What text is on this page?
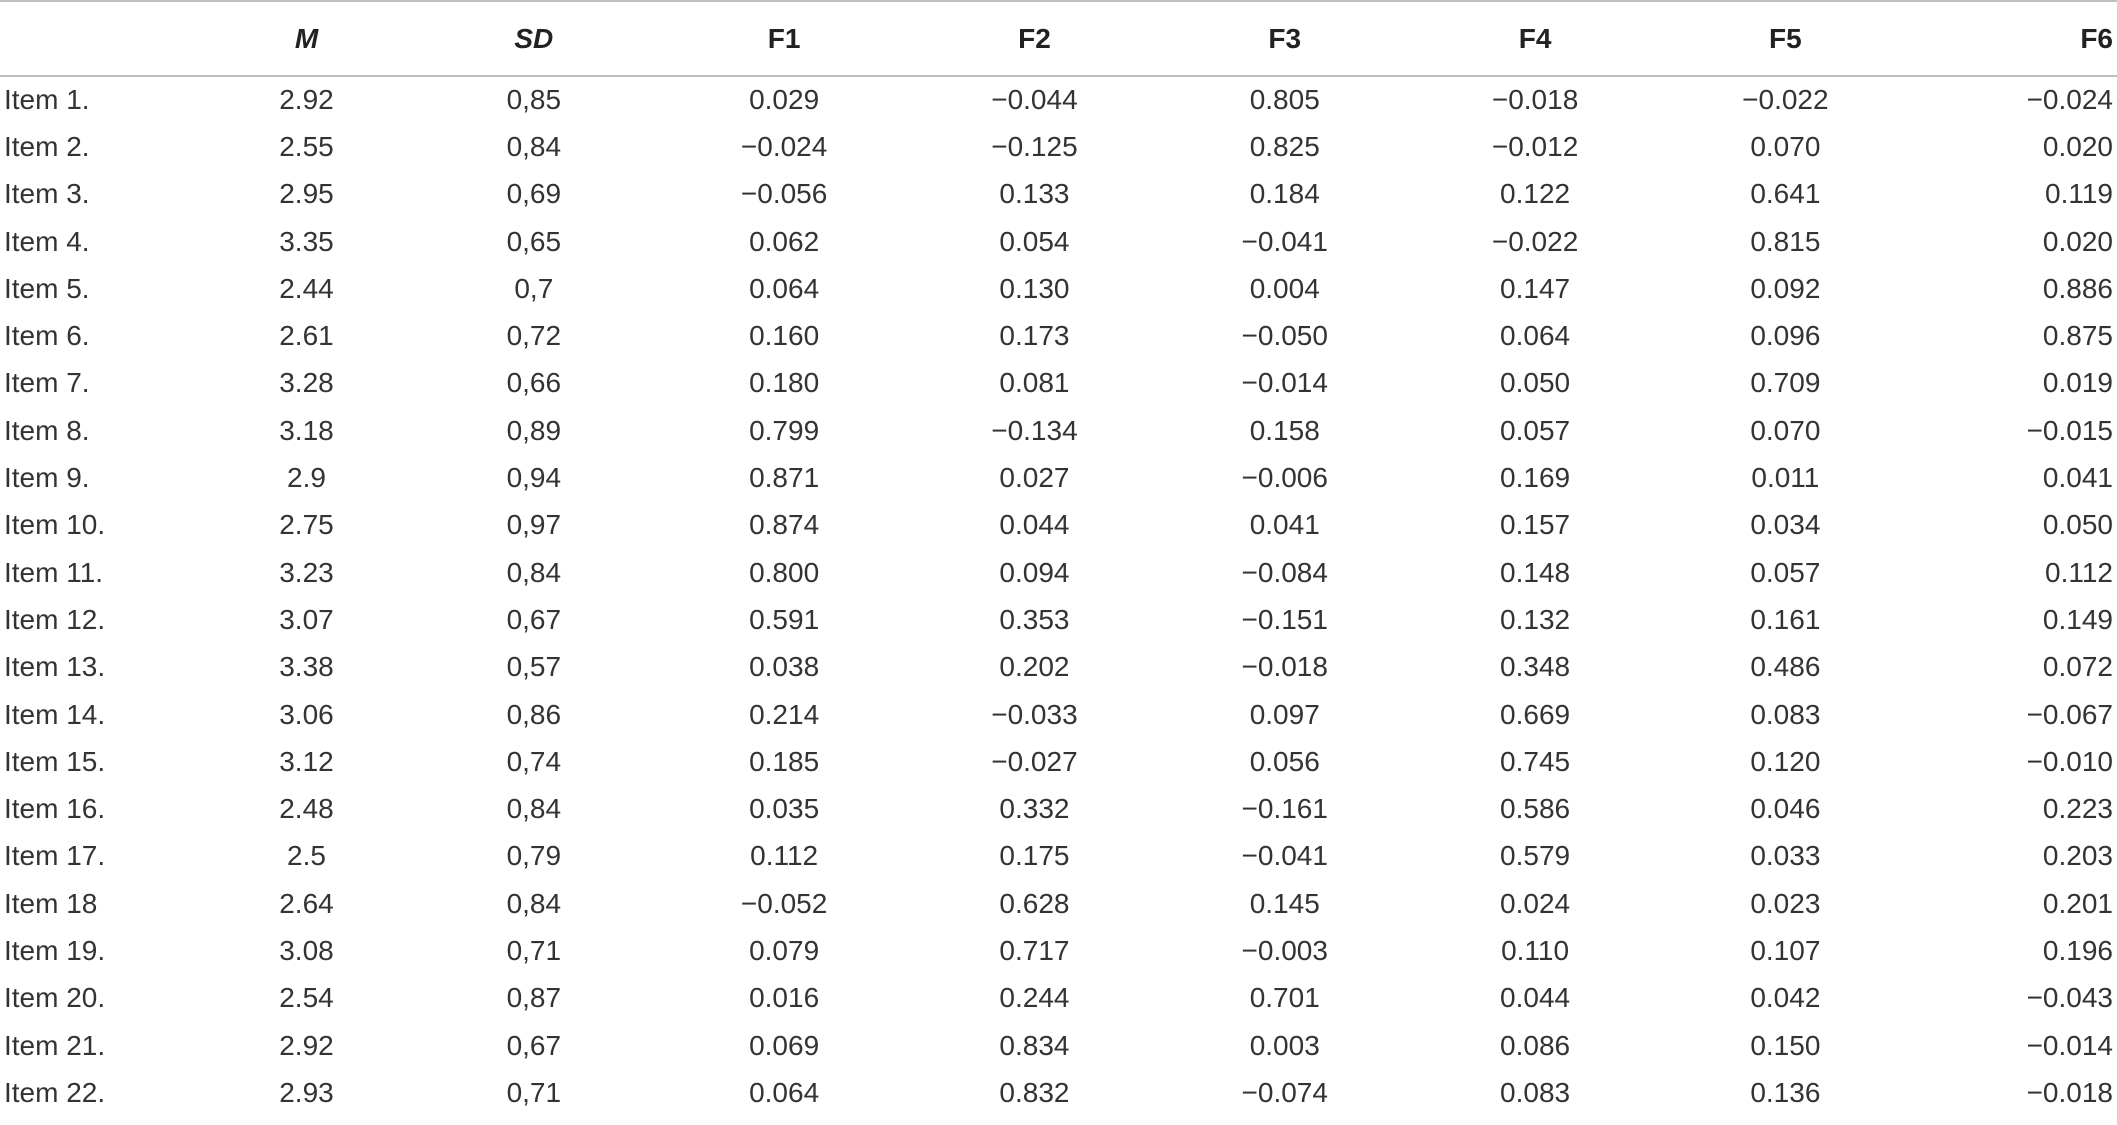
	M	SD	F1	F2	F3	F4	F5	F6
Item 1.	2.92	0,85	0.029	−0.044	0.805	−0.018	−0.022	−0.024
Item 2.	2.55	0,84	−0.024	−0.125	0.825	−0.012	0.070	0.020
Item 3.	2.95	0,69	−0.056	0.133	0.184	0.122	0.641	0.119
Item 4.	3.35	0,65	0.062	0.054	−0.041	−0.022	0.815	0.020
Item 5.	2.44	0,7	0.064	0.130	0.004	0.147	0.092	0.886
Item 6.	2.61	0,72	0.160	0.173	−0.050	0.064	0.096	0.875
Item 7.	3.28	0,66	0.180	0.081	−0.014	0.050	0.709	0.019
Item 8.	3.18	0,89	0.799	−0.134	0.158	0.057	0.070	−0.015
Item 9.	2.9	0,94	0.871	0.027	−0.006	0.169	0.011	0.041
Item 10.	2.75	0,97	0.874	0.044	0.041	0.157	0.034	0.050
Item 11.	3.23	0,84	0.800	0.094	−0.084	0.148	0.057	0.112
Item 12.	3.07	0,67	0.591	0.353	−0.151	0.132	0.161	0.149
Item 13.	3.38	0,57	0.038	0.202	−0.018	0.348	0.486	0.072
Item 14.	3.06	0,86	0.214	−0.033	0.097	0.669	0.083	−0.067
Item 15.	3.12	0,74	0.185	−0.027	0.056	0.745	0.120	−0.010
Item 16.	2.48	0,84	0.035	0.332	−0.161	0.586	0.046	0.223
Item 17.	2.5	0,79	0.112	0.175	−0.041	0.579	0.033	0.203
Item 18	2.64	0,84	−0.052	0.628	0.145	0.024	0.023	0.201
Item 19.	3.08	0,71	0.079	0.717	−0.003	0.110	0.107	0.196
Item 20.	2.54	0,87	0.016	0.244	0.701	0.044	0.042	−0.043
Item 21.	2.92	0,67	0.069	0.834	0.003	0.086	0.150	−0.014
Item 22.	2.93	0,71	0.064	0.832	−0.074	0.083	0.136	−0.018
